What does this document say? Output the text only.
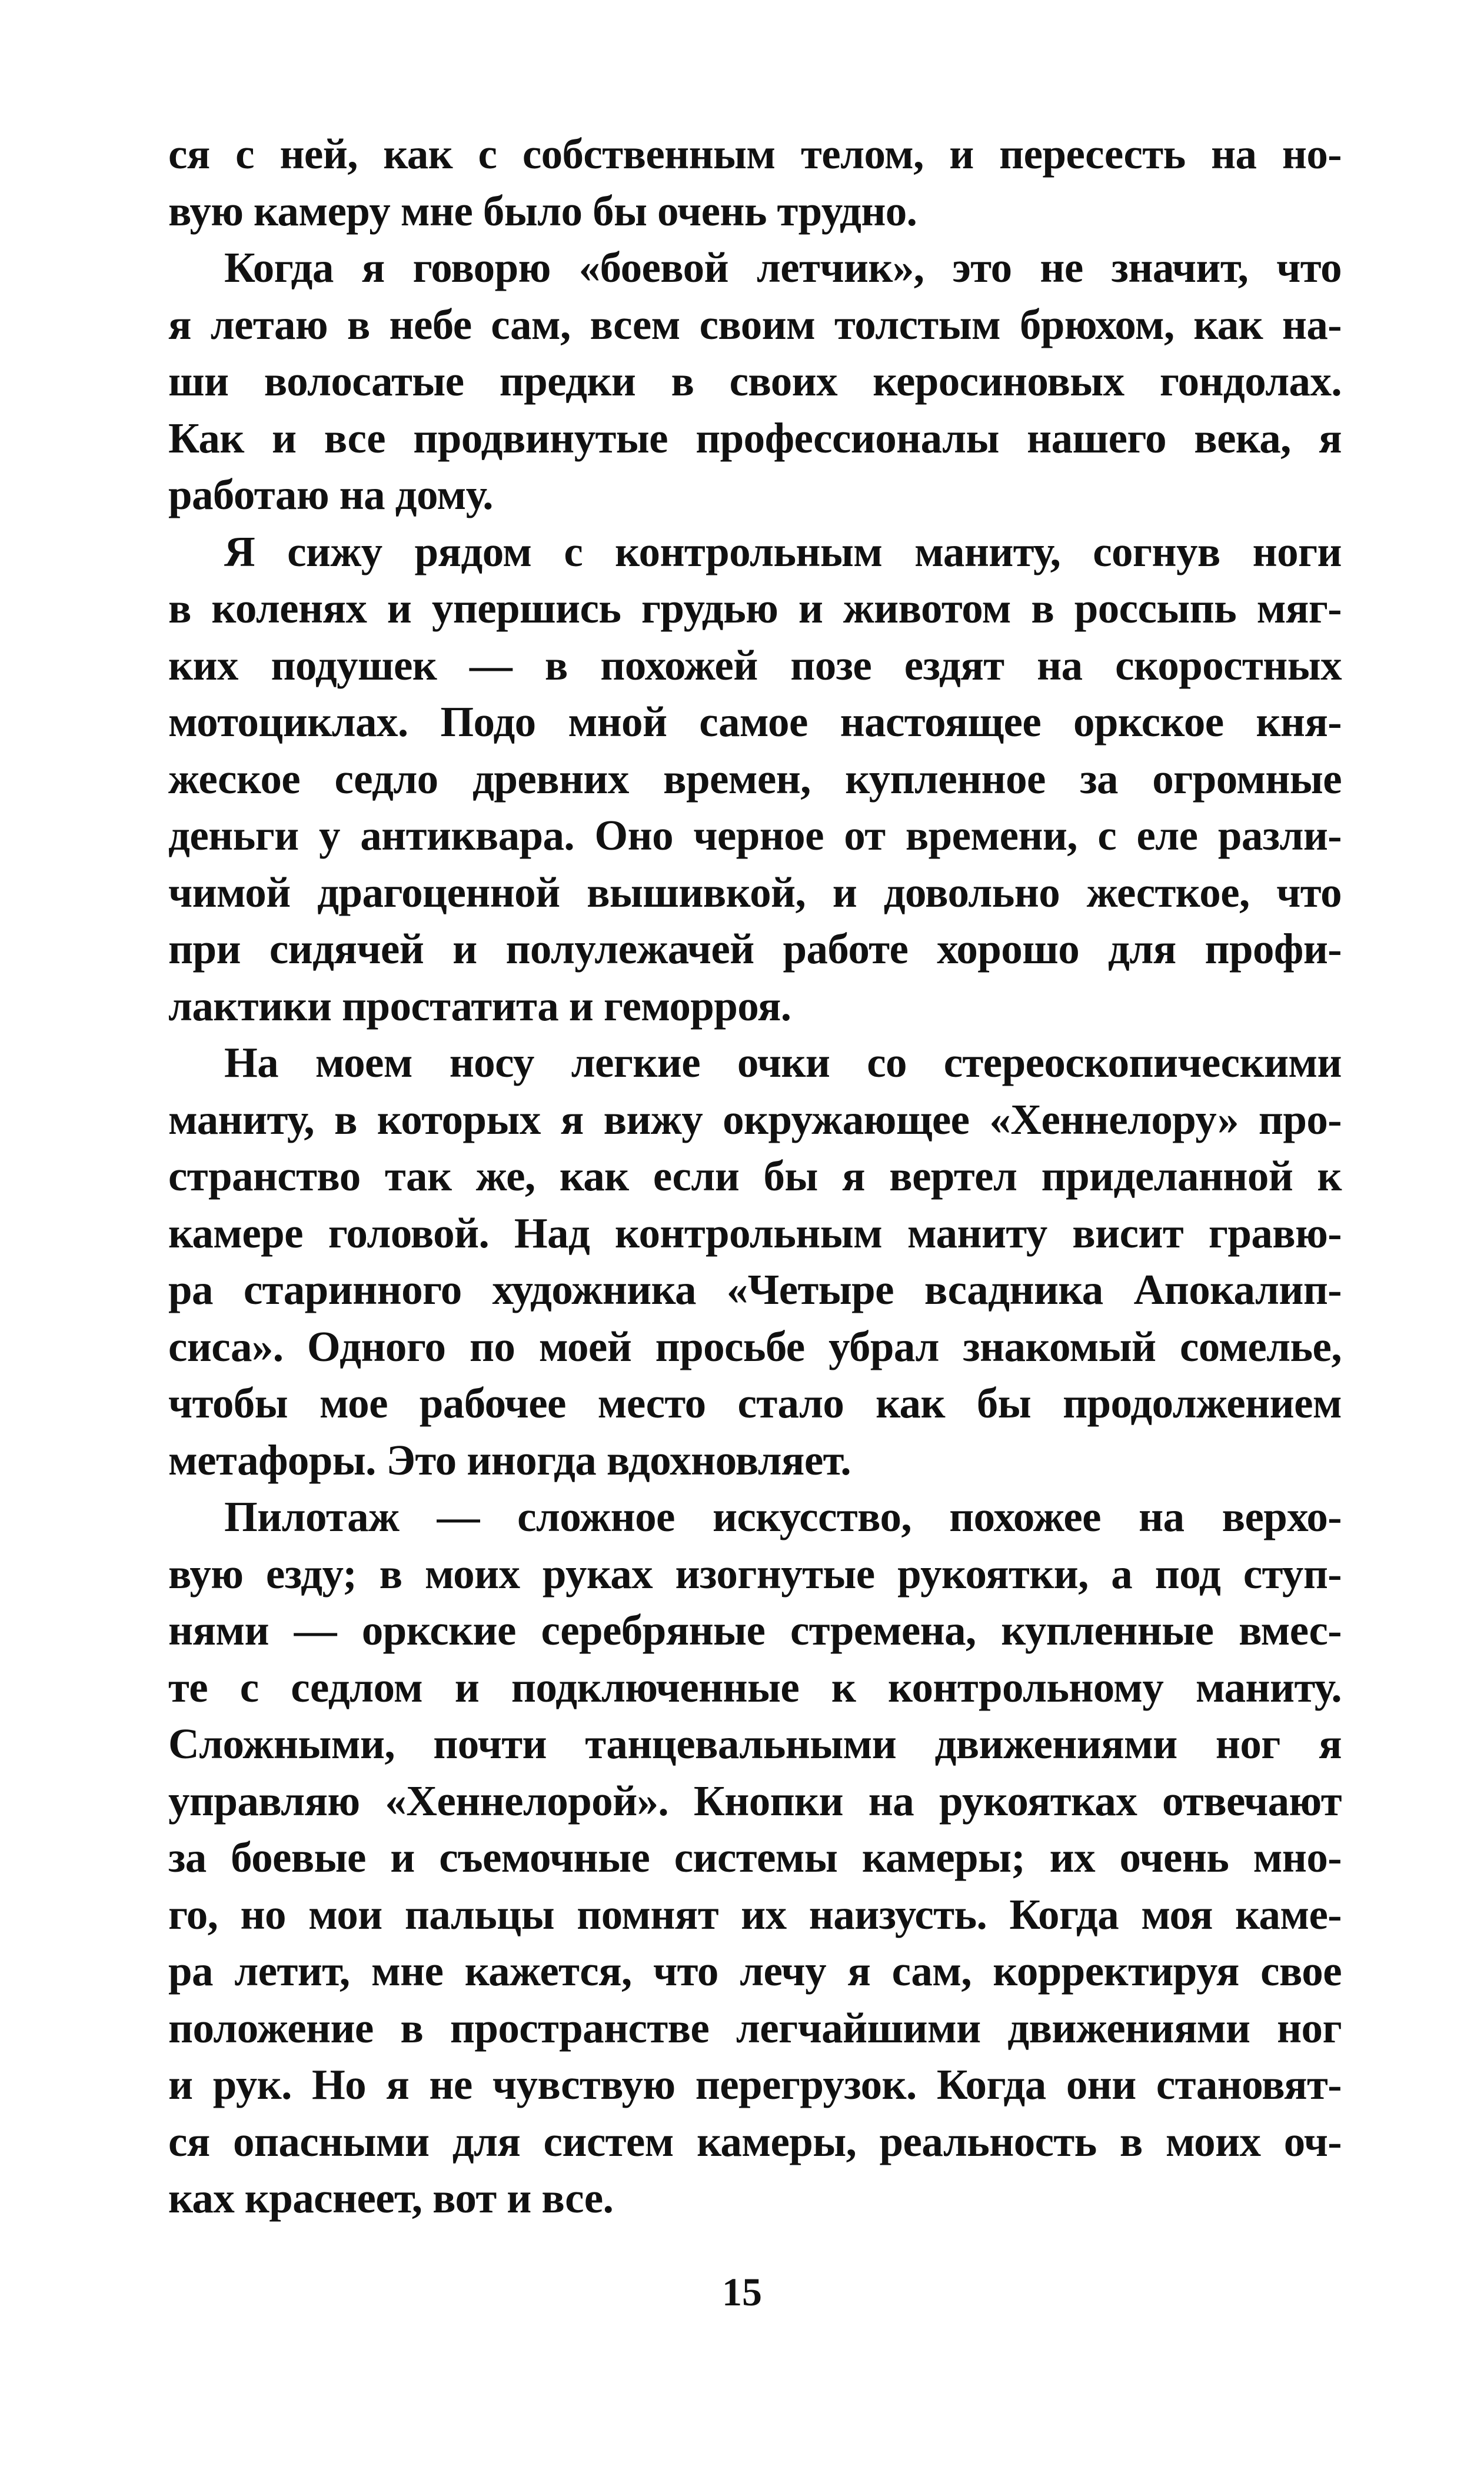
ся с ней, как с собственным телом, и пересесть на но-
вую камеру мне было бы очень трудно.
Когда я говорю «боевой летчик», это не значит, что
я летаю в небе сам, всем своим толстым брюхом, как на-
ши волосатые предки в своих керосиновых гондолах.
Как и все продвинутые профессионалы нашего века, я
работаю на дому.
Я сижу рядом с контрольным маниту, согнув ноги
в коленях и упершись грудью и животом в россыпь мяг-
ких подушек — в похожей позе ездят на скоростных
мотоциклах. Подо мной самое настоящее оркское кня-
жеское седло древних времен, купленное за огромные
деньги у антиквара. Оно черное от времени, с еле разли-
чимой драгоценной вышивкой, и довольно жесткое, что
при сидячей и полулежачей работе хорошо для профи-
лактики простатита и геморроя.
На моем носу легкие очки со стереоскопическими
маниту, в которых я вижу окружающее «Хеннелору» про-
странство так же, как если бы я вертел приделанной к
камере головой. Над контрольным маниту висит гравю-
ра старинного художника «Четыре всадника Апокалип-
сиса». Одного по моей просьбе убрал знакомый сомелье,
чтобы мое рабочее место стало как бы продолжением
метафоры. Это иногда вдохновляет.
Пилотаж — сложное искусство, похожее на верхо-
вую езду; в моих руках изогнутые рукоятки, а под ступ-
нями — оркские серебряные стремена, купленные вмес-
те с седлом и подключенные к контрольному маниту.
Сложными, почти танцевальными движениями ног я
управляю «Хеннелорой». Кнопки на рукоятках отвечают
за боевые и съемочные системы камеры; их очень мно-
го, но мои пальцы помнят их наизусть. Когда моя каме-
ра летит, мне кажется, что лечу я сам, корректируя свое
положение в пространстве легчайшими движениями ног
и рук. Но я не чувствую перегрузок. Когда они становят-
ся опасными для систем камеры, реальность в моих оч-
ках краснеет, вот и все.
15
